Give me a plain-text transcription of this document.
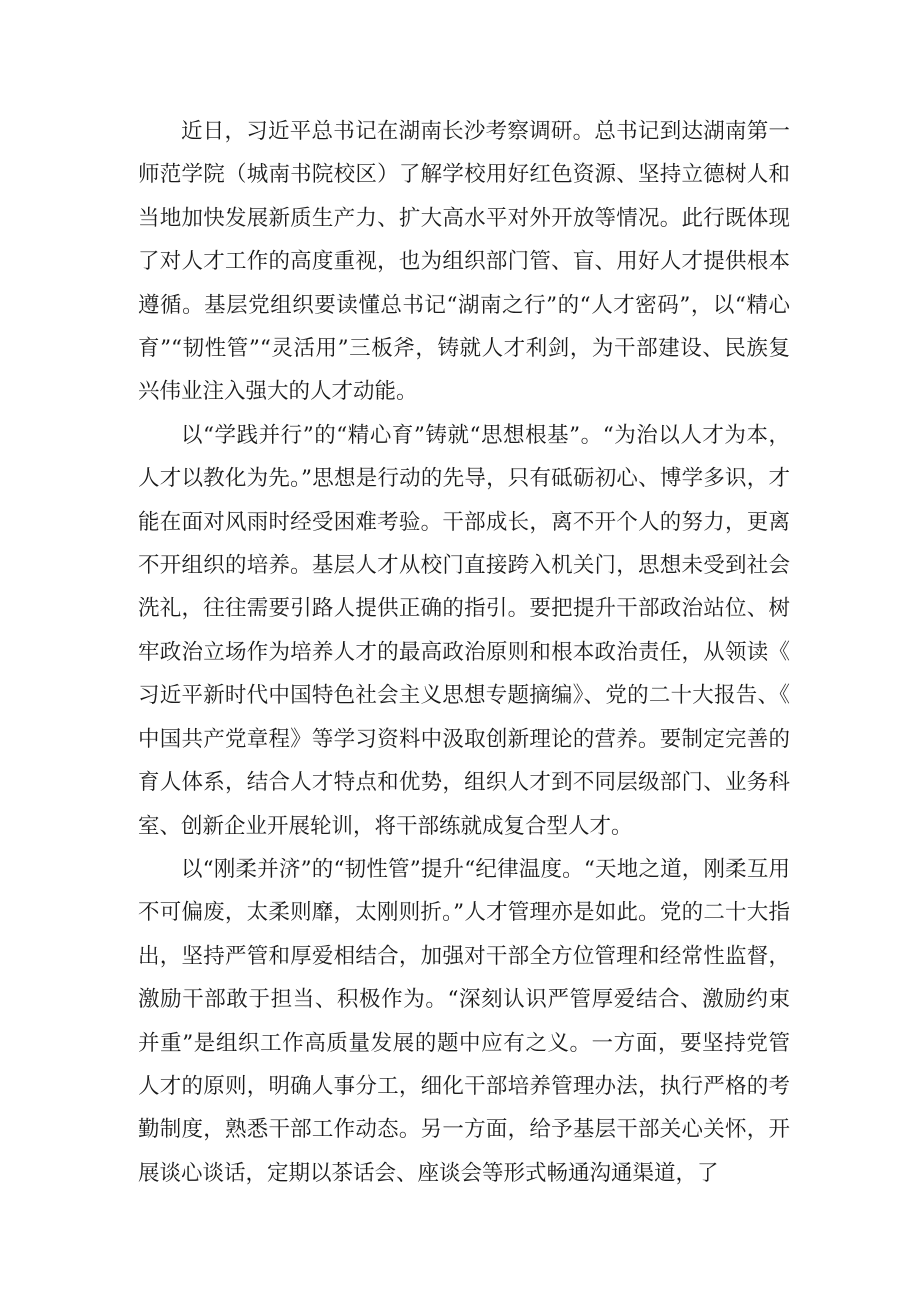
近日，习近平总书记在湖南长沙考察调研。总书记到达湖南第一师范学院（城南书院校区）了解学校用好红色资源、坚持立德树人和当地加快发展新质生产力、扩大高水平对外开放等情况。此行既体现了对人才工作的高度重视，也为组织部门管、盲、用好人才提供根本遵循。基层党组织要读懂总书记“湖南之行”的“人才密码”，以“精心育”“韧性管”“灵活用”三板斧，铸就人才利剑，为干部建设、民族复兴伟业注入强大的人才动能。

以“学践并行”的“精心育”铸就“思想根基”。“为治以人才为本，人才以教化为先。”思想是行动的先导，只有砥砺初心、博学多识，才能在面对风雨时经受困难考验。干部成长，离不开个人的努力，更离不开组织的培养。基层人才从校门直接跨入机关门，思想未受到社会洗礼，往往需要引路人提供正确的指引。要把提升干部政治站位、树牢政治立场作为培养人才的最高政治原则和根本政治责任，从领读《习近平新时代中国特色社会主义思想专题摘编》、党的二十大报告、《中国共产党章程》等学习资料中汲取创新理论的营养。要制定完善的育人体系，结合人才特点和优势，组织人才到不同层级部门、业务科室、创新企业开展轮训，将干部练就成复合型人才。

以“刚柔并济”的“韧性管”提升“纪律温度。“天地之道，刚柔互用不可偏废，太柔则靡，太刚则折。”人才管理亦是如此。党的二十大指出，坚持严管和厚爱相结合，加强对干部全方位管理和经常性监督，激励干部敢于担当、积极作为。“深刻认识严管厚爱结合、激励约束并重”是组织工作高质量发展的题中应有之义。一方面，要坚持党管人才的原则，明确人事分工，细化干部培养管理办法，执行严格的考勤制度，熟悉干部工作动态。另一方面，给予基层干部关心关怀，开展谈心谈话，定期以茶话会、座谈会等形式畅通沟通渠道，了
